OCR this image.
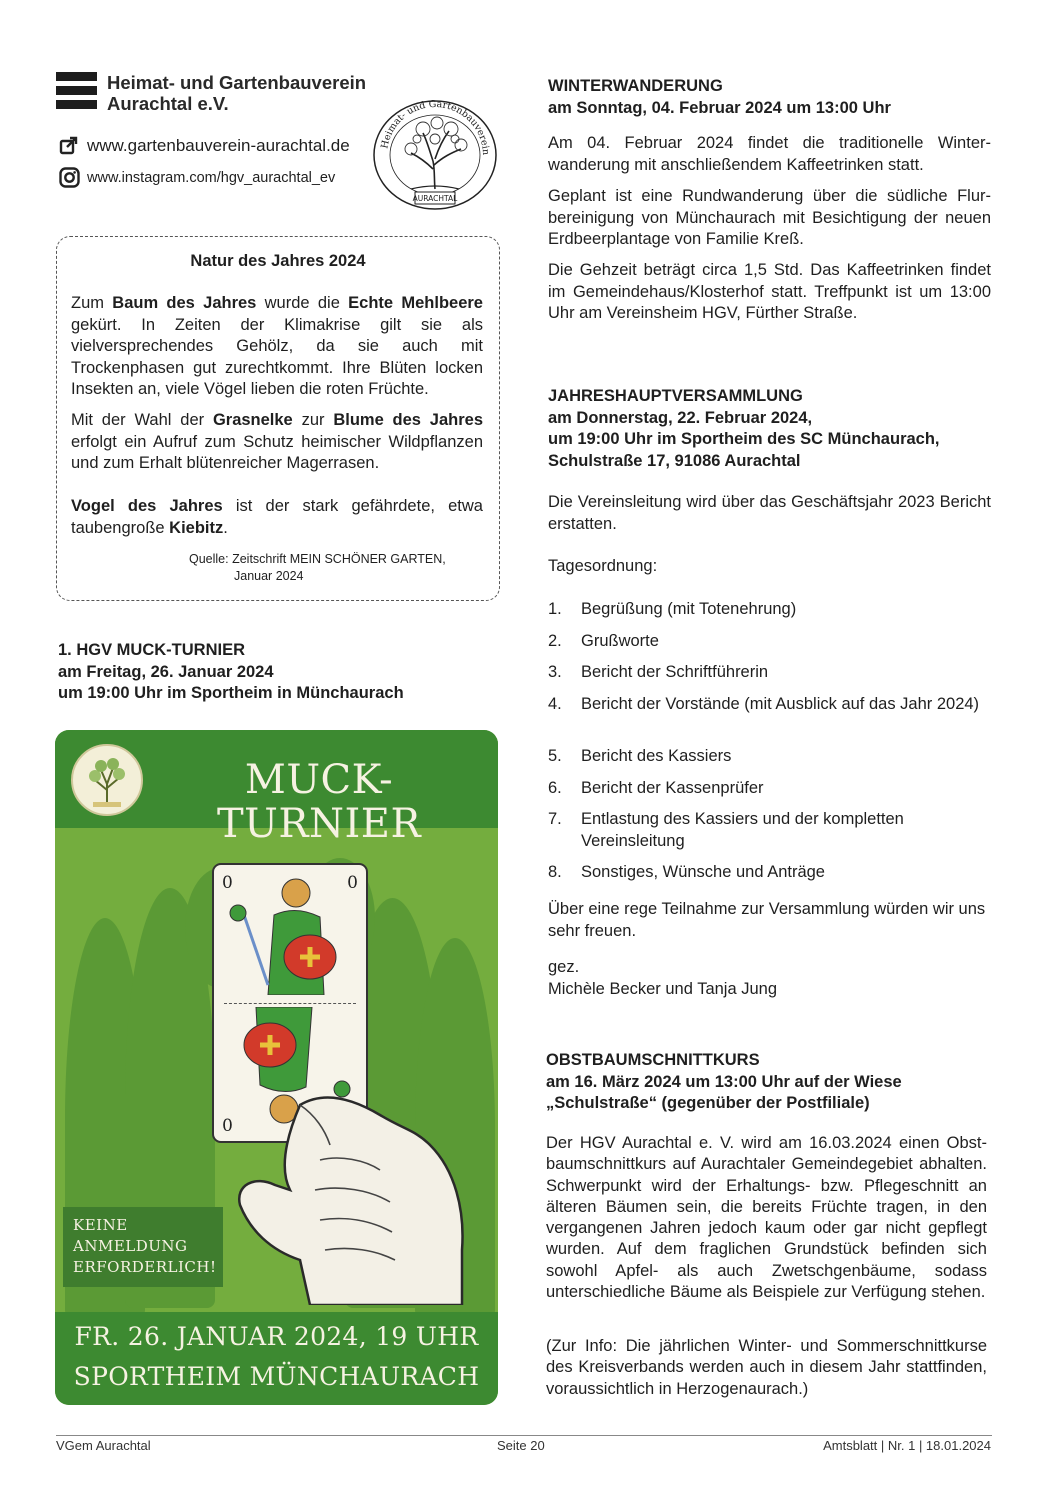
Heimat- und Gartenbauverein
Aurachtal e.V.
www.gartenbauverein-aurachtal.de
www.instagram.com/hgv_aurachtal_ev
Heimat- und Gartenbauverein
AURACHTAL
Natur des Jahres 2024
Zum Baum des Jahres wurde die Echte Mehlbeere gekürt. In Zeiten der Klimakrise gilt sie als vielversprechendes Gehölz, da sie auch mit Trockenphasen gut zurechtkommt. Ihre Blüten locken Insekten an, viele Vögel lieben die roten Früchte.
Mit der Wahl der Grasnelke zur Blume des Jahres erfolgt ein Aufruf zum Schutz heimischer Wildpflanzen und zum Erhalt blütenreicher Magerrasen.
Vogel des Jahres ist der stark gefährdete, etwa taubengroße Kiebitz.
Quelle: Zeitschrift MEIN SCHÖNER GARTEN,
Januar 2024
1. HGV MUCK-TURNIER
am Freitag, 26. Januar 2024
um 19:00 Uhr im Sportheim in Münchaurach
MUCK-TURNIER
0	0
0
KEINE
ANMELDUNG
ERFORDERLICH!
FR. 26. JANUAR 2024, 19 UHR
SPORTHEIM MÜNCHAURACH
WINTERWANDERUNG
am Sonntag, 04. Februar 2024 um 13:00 Uhr
Am 04. Februar 2024 findet die traditionelle Winterwanderung mit anschließendem Kaffeetrinken statt.
Geplant ist eine Rundwanderung über die südliche Flurbereinigung von Münchaurach mit Besichtigung der neuen Erdbeerplantage von Familie Kreß.
Die Gehzeit beträgt circa 1,5 Std. Das Kaffeetrinken findet im Gemeindehaus/Klosterhof statt. Treffpunkt ist um 13:00 Uhr am Vereinsheim HGV, Fürther Straße.
JAHRESHAUPTVERSAMMLUNG
am Donnerstag, 22. Februar 2024,
um 19:00 Uhr im Sportheim des SC Münchaurach,
Schulstraße 17, 91086 Aurachtal
Die Vereinsleitung wird über das Geschäftsjahr 2023 Bericht erstatten.
Tagesordnung:
1. Begrüßung (mit Totenehrung)
2. Grußworte
3. Bericht der Schriftführerin
4. Bericht der Vorstände (mit Ausblick auf das Jahr 2024)
5. Bericht des Kassiers
6. Bericht der Kassenprüfer
7. Entlastung des Kassiers und der kompletten Vereinsleitung
8. Sonstiges, Wünsche und Anträge
Über eine rege Teilnahme zur Versammlung würden wir uns sehr freuen.
gez.
Michèle Becker und Tanja Jung
OBSTBAUMSCHNITTKURS
am 16. März 2024 um 13:00 Uhr auf der Wiese
„Schulstraße“ (gegenüber der Postfiliale)
Der HGV Aurachtal e. V. wird am 16.03.2024 einen Obstbaumschnittkurs auf Aurachtaler Gemeindegebiet abhalten. Schwerpunkt wird der Erhaltungs- bzw. Pflegeschnitt an älteren Bäumen sein, die bereits Früchte tragen, in den vergangenen Jahren jedoch kaum oder gar nicht gepflegt wurden. Auf dem fraglichen Grundstück befinden sich sowohl Apfel- als auch Zwetschgenbäume, sodass unterschiedliche Bäume als Beispiele zur Verfügung stehen.
(Zur Info: Die jährlichen Winter- und Sommerschnittkurse des Kreisverbands werden auch in diesem Jahr stattfinden, voraussichtlich in Herzogenaurach.)
VGem Aurachtal	Seite 20	Amtsblatt | Nr. 1 | 18.01.2024
